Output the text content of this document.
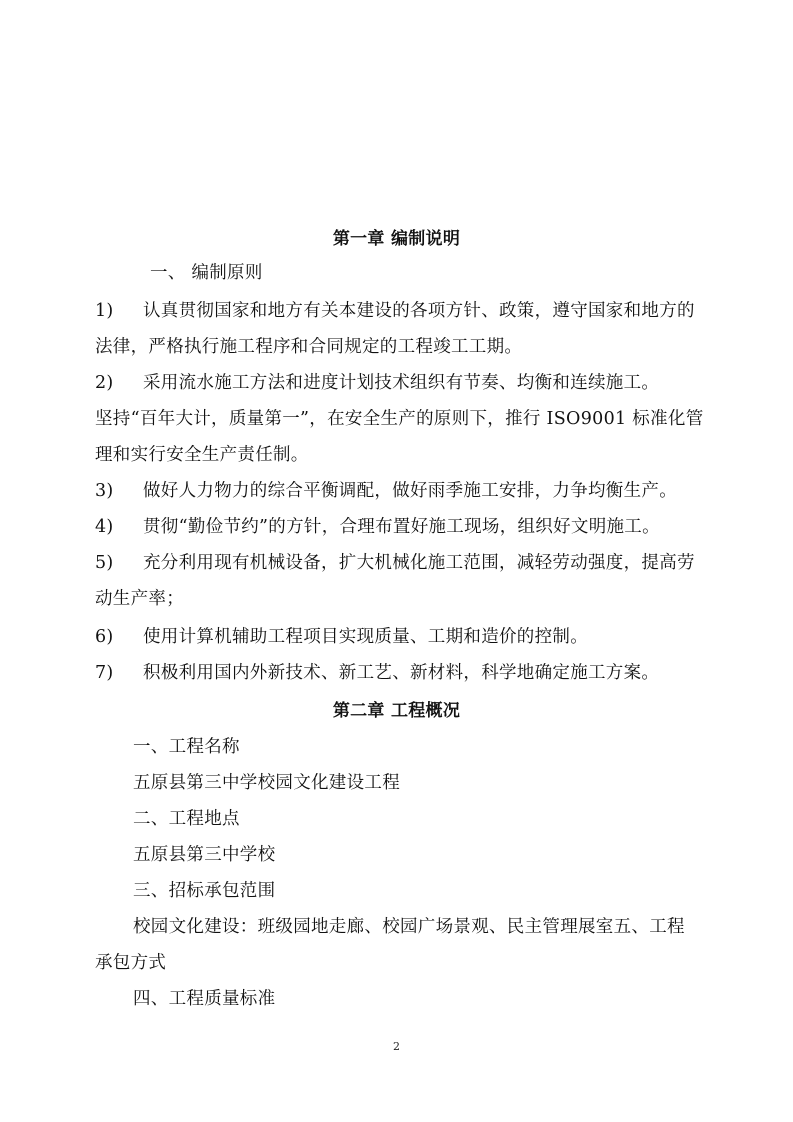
第一章 编制说明
一、 编制原则
1) 认真贯彻国家和地方有关本建设的各项方针、政策，遵守国家和地方的
法律，严格执行施工程序和合同规定的工程竣工工期。
2) 采用流水施工方法和进度计划技术组织有节奏、均衡和连续施工。
坚持“百年大计，质量第一”，在安全生产的原则下，推行 ISO9001 标准化管
理和实行安全生产责任制。
3) 做好人力物力的综合平衡调配，做好雨季施工安排，力争均衡生产。
4) 贯彻“勤俭节约”的方针，合理布置好施工现场，组织好文明施工。
5) 充分利用现有机械设备，扩大机械化施工范围，减轻劳动强度，提高劳
动生产率；
6) 使用计算机辅助工程项目实现质量、工期和造价的控制。
7) 积极利用国内外新技术、新工艺、新材料，科学地确定施工方案。
第二章 工程概况
一、工程名称
五原县第三中学校园文化建设工程
二、工程地点
五原县第三中学校
三、招标承包范围
校园文化建设：班级园地走廊、校园广场景观、民主管理展室五、工程
承包方式
四、工程质量标准
2
